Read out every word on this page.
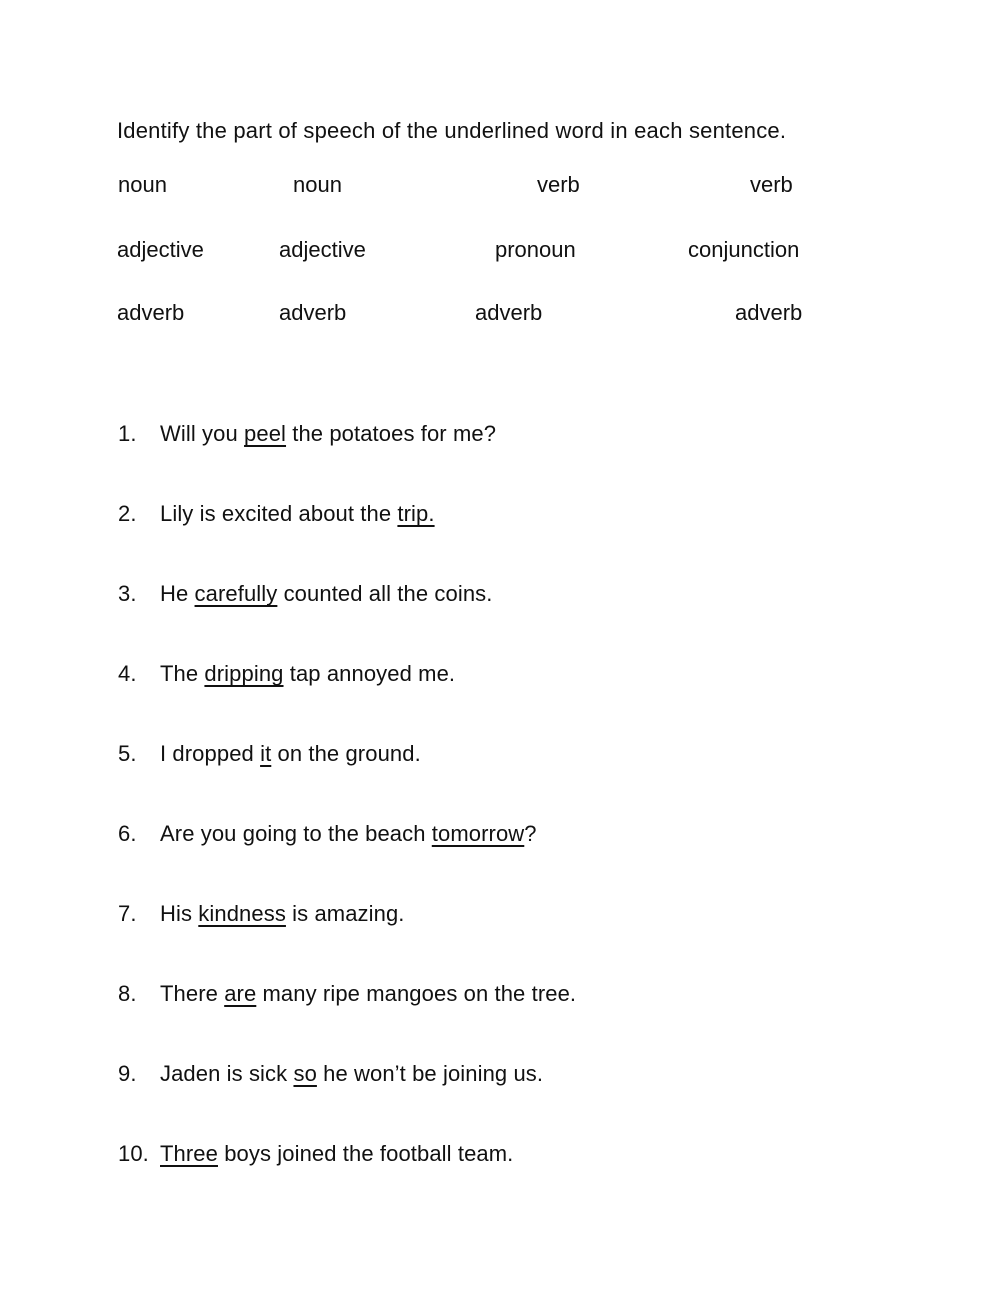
Identify the part of speech of the underlined word in each sentence.
noun	noun	verb	verb
adjective	adjective	pronoun	conjunction
adverb	adverb	adverb	adverb
1. Will you peel the potatoes for me?
2. Lily is excited about the trip.
3. He carefully counted all the coins.
4. The dripping tap annoyed me.
5. I dropped it on the ground.
6. Are you going to the beach tomorrow?
7. His kindness is amazing.
8. There are many ripe mangoes on the tree.
9. Jaden is sick so he won’t be joining us.
10. Three boys joined the football team.
